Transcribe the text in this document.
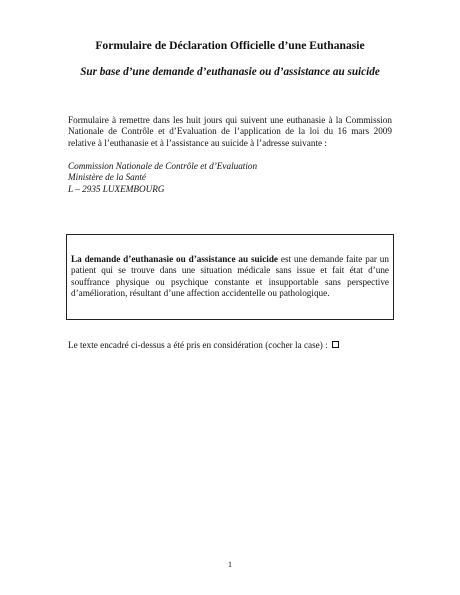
Formulaire de Déclaration Officielle d’une Euthanasie
Sur base d’une demande d’euthanasie ou d’assistance au suicide

Formulaire à remettre dans les huit jours qui suivent une euthanasie à la Commission Nationale de Contrôle et d’Evaluation de l’application de la loi du 16 mars 2009 relative à l’euthanasie et à l’assistance au suicide à l’adresse suivante :

Commission Nationale de Contrôle et d’Evaluation
Ministère de la Santé
L – 2935 LUXEMBOURG

La demande d’euthanasie ou d’assistance au suicide est une demande faite par un patient qui se trouve dans une situation médicale sans issue et fait état d’une souffrance physique ou psychique constante et insupportable sans perspective d’amélioration, résultant d’une affection accidentelle ou pathologique.

Le texte encadré ci-dessus a été pris en considération (cocher la case) :
1
